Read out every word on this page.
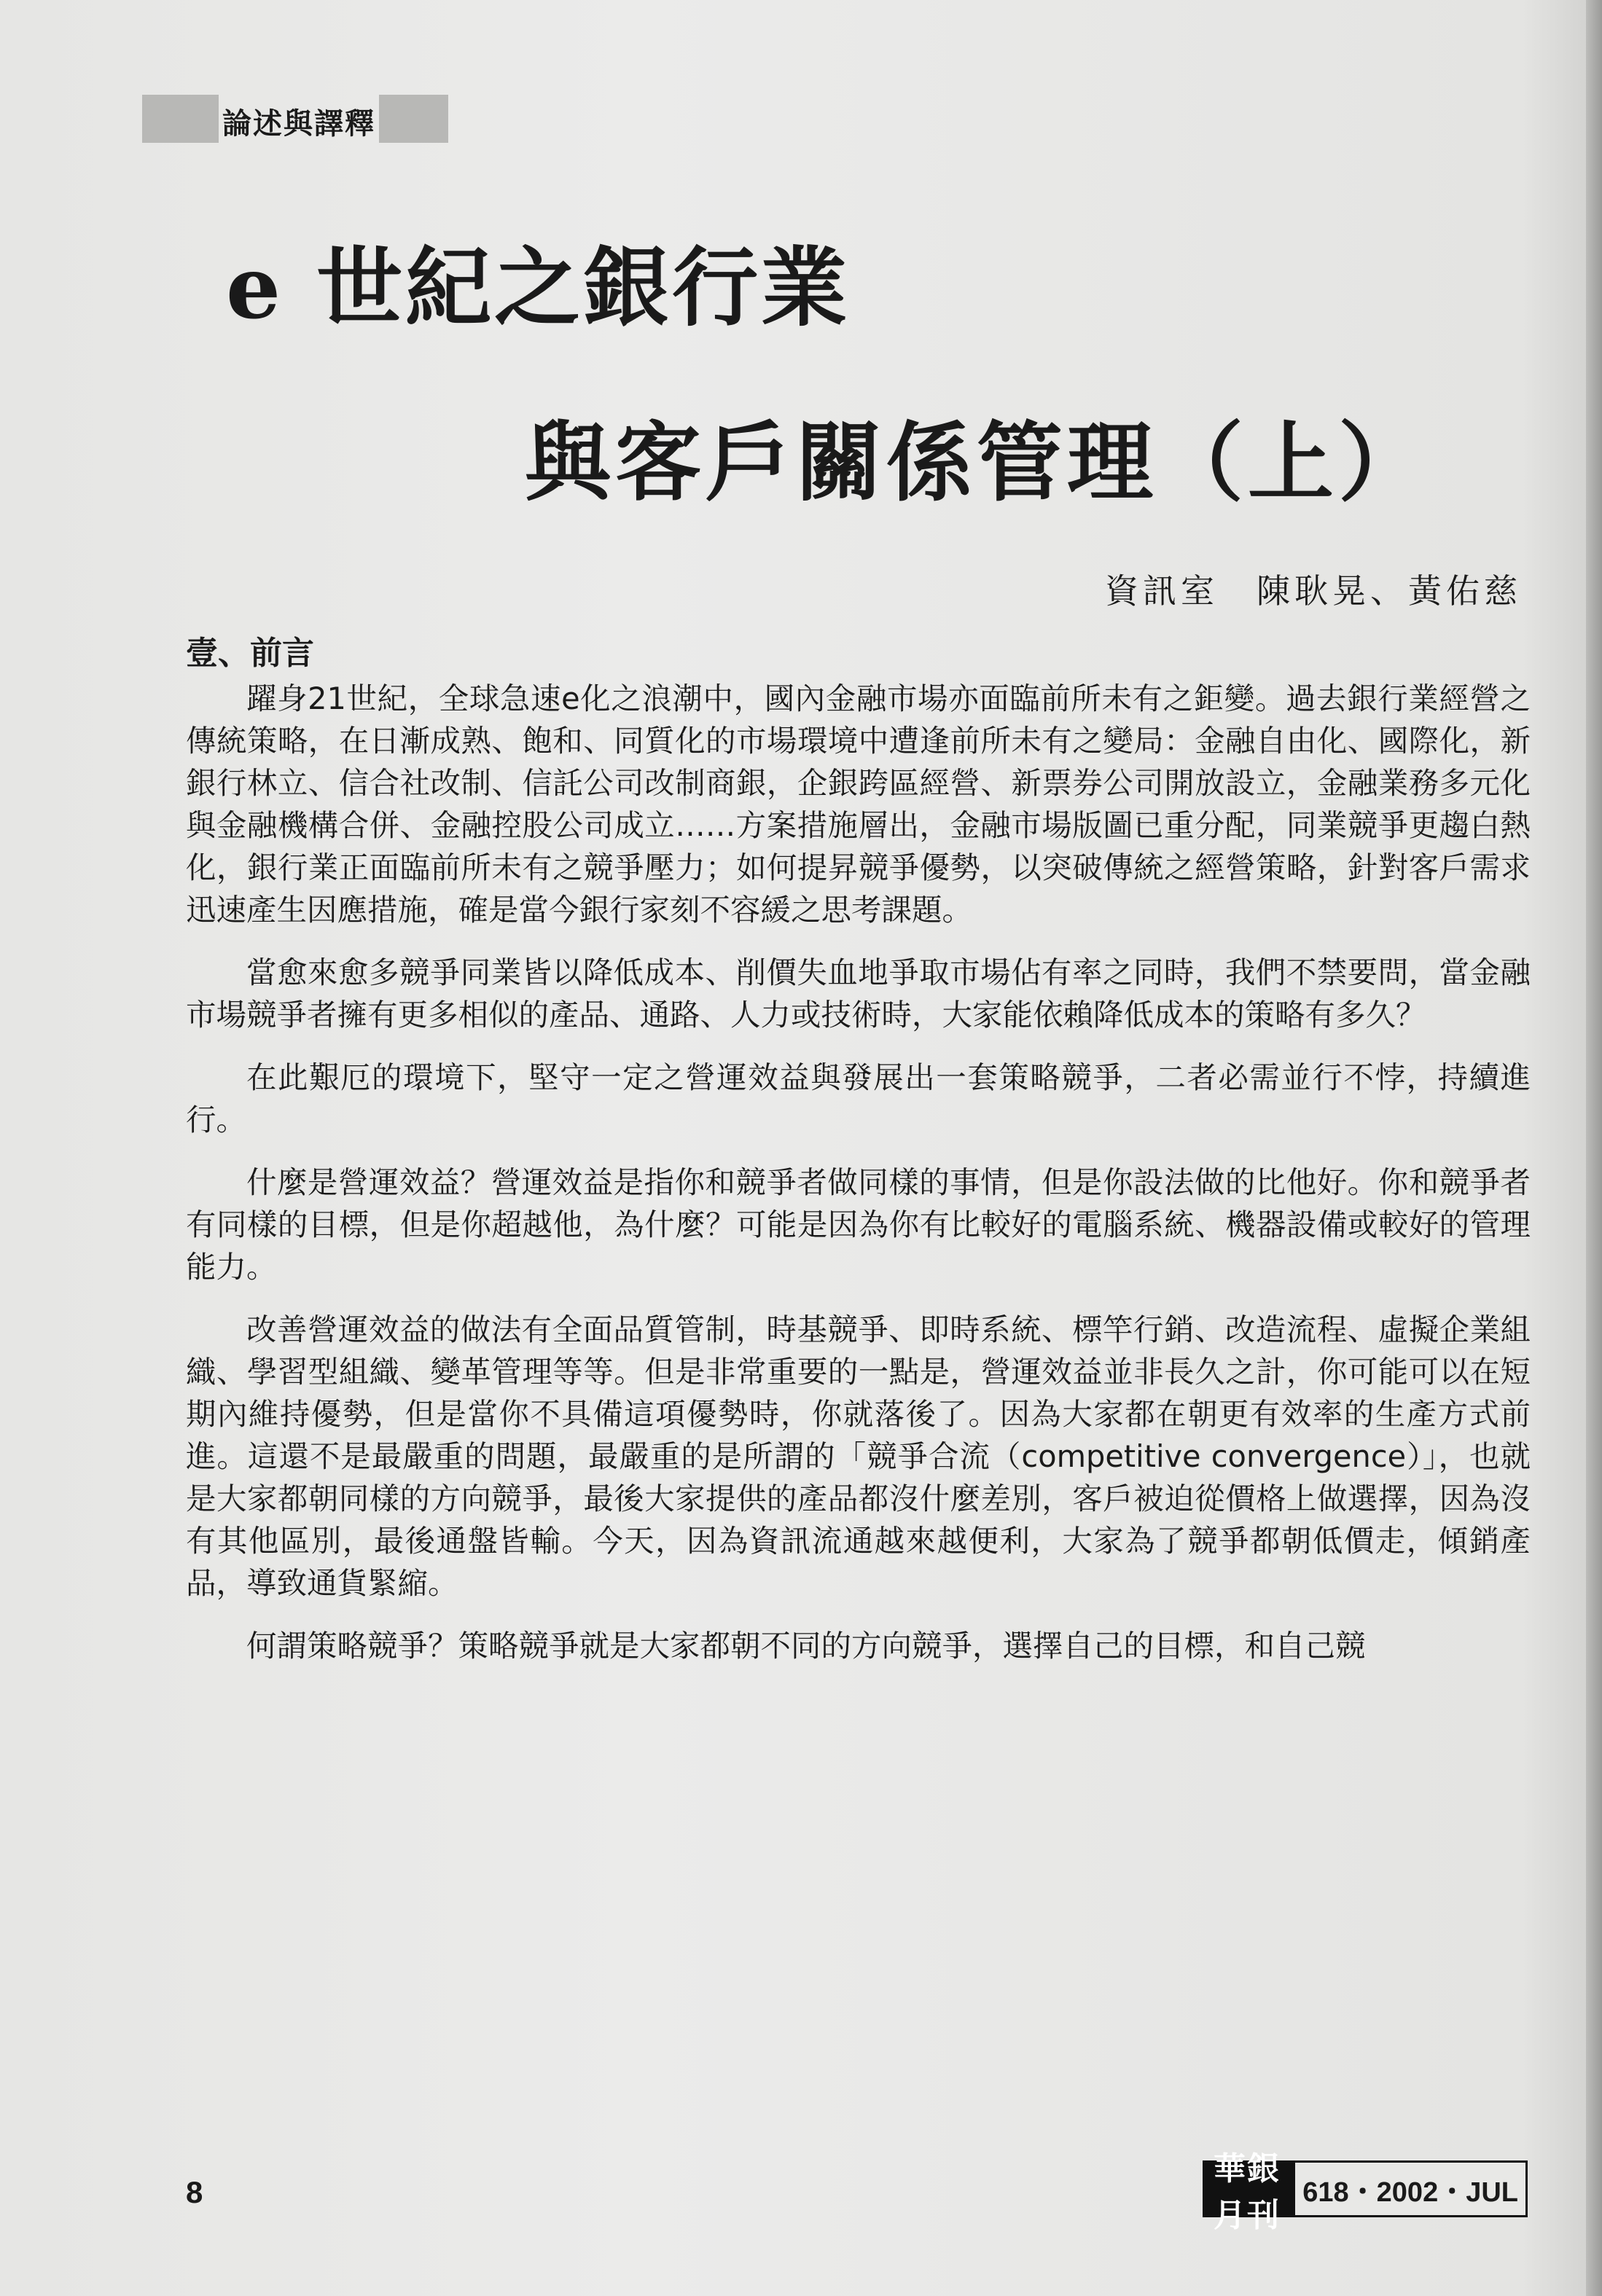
論述與譯釋
e 世紀之銀行業
與客戶關係管理（上）
資訊室　陳耿晃、黃佑慈
壹、前言

躍身21世紀，全球急速e化之浪潮中，國內金融市場亦面臨前所未有之鉅變。過去銀行業經營之傳統策略，在日漸成熟、飽和、同質化的市場環境中遭逢前所未有之變局：金融自由化、國際化，新銀行林立、信合社改制、信託公司改制商銀，企銀跨區經營、新票券公司開放設立，金融業務多元化與金融機構合併、金融控股公司成立……方案措施層出，金融市場版圖已重分配，同業競爭更趨白熱化，銀行業正面臨前所未有之競爭壓力；如何提昇競爭優勢，以突破傳統之經營策略，針對客戶需求迅速產生因應措施，確是當今銀行家刻不容緩之思考課題。

當愈來愈多競爭同業皆以降低成本、削價失血地爭取市場佔有率之同時，我們不禁要問，當金融市場競爭者擁有更多相似的產品、通路、人力或技術時，大家能依賴降低成本的策略有多久？

在此艱厄的環境下，堅守一定之營運效益與發展出一套策略競爭，二者必需並行不悖，持續進行。

什麼是營運效益？營運效益是指你和競爭者做同樣的事情，但是你設法做的比他好。你和競爭者有同樣的目標，但是你超越他，為什麼？可能是因為你有比較好的電腦系統、機器設備或較好的管理能力。

改善營運效益的做法有全面品質管制，時基競爭、即時系統、標竿行銷、改造流程、虛擬企業組織、學習型組織、變革管理等等。但是非常重要的一點是，營運效益並非長久之計，你可能可以在短期內維持優勢，但是當你不具備這項優勢時，你就落後了。因為大家都在朝更有效率的生產方式前進。這還不是最嚴重的問題，最嚴重的是所謂的「競爭合流（competitive convergence）」，也就是大家都朝同樣的方向競爭，最後大家提供的產品都沒什麼差別，客戶被迫從價格上做選擇，因為沒有其他區別，最後通盤皆輸。今天，因為資訊流通越來越便利，大家為了競爭都朝低價走，傾銷產品，導致通貨緊縮。

何謂策略競爭？策略競爭就是大家都朝不同的方向競爭，選擇自己的目標，和自己競

8
華銀月刊
618・2002・JUL
